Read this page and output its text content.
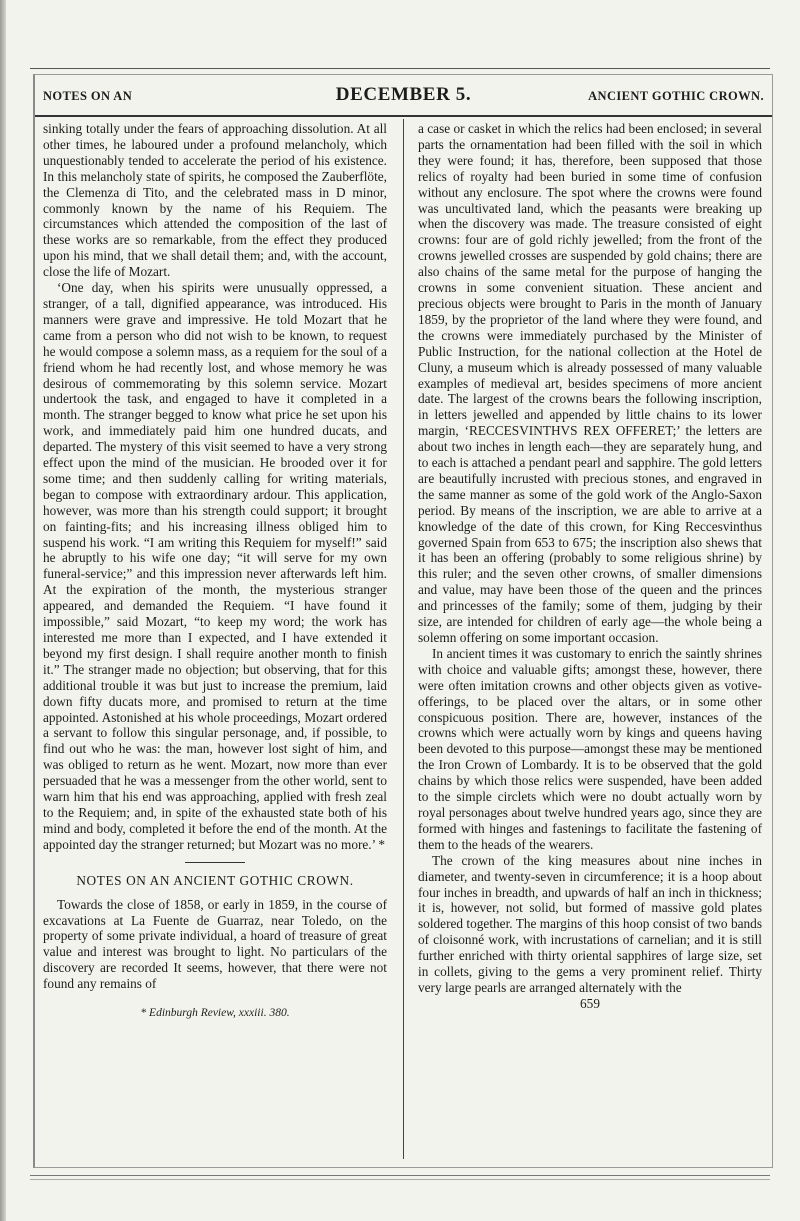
NOTES ON AN	DECEMBER 5.	ANCIENT GOTHIC CROWN.

sinking totally under the fears of approaching dissolution. At all other times, he laboured under a profound melancholy, which unquestionably tended to accelerate the period of his existence. In this melancholy state of spirits, he composed the Zauberflöte, the Clemenza di Tito, and the celebrated mass in D minor, commonly known by the name of his Requiem. The circumstances which attended the composition of the last of these works are so remarkable, from the effect they produced upon his mind, that we shall detail them; and, with the account, close the life of Mozart.

‘One day, when his spirits were unusually oppressed, a stranger, of a tall, dignified appearance, was introduced. His manners were grave and impressive. He told Mozart that he came from a person who did not wish to be known, to request he would compose a solemn mass, as a requiem for the soul of a friend whom he had recently lost, and whose memory he was desirous of commemorating by this solemn service. Mozart undertook the task, and engaged to have it completed in a month. The stranger begged to know what price he set upon his work, and immediately paid him one hundred ducats, and departed. The mystery of this visit seemed to have a very strong effect upon the mind of the musician. He brooded over it for some time; and then suddenly calling for writing materials, began to compose with extraordinary ardour. This application, however, was more than his strength could support; it brought on fainting-fits; and his increasing illness obliged him to suspend his work. “I am writing this Requiem for myself!” said he abruptly to his wife one day; “it will serve for my own funeral-service;” and this impression never afterwards left him. At the expiration of the month, the mysterious stranger appeared, and demanded the Requiem. “I have found it impossible,” said Mozart, “to keep my word; the work has interested me more than I expected, and I have extended it beyond my first design. I shall require another month to finish it.” The stranger made no objection; but observing, that for this additional trouble it was but just to increase the premium, laid down fifty ducats more, and promised to return at the time appointed. Astonished at his whole proceedings, Mozart ordered a servant to follow this singular personage, and, if possible, to find out who he was: the man, however lost sight of him, and was obliged to return as he went. Mozart, now more than ever persuaded that he was a messenger from the other world, sent to warn him that his end was approaching, applied with fresh zeal to the Requiem; and, in spite of the exhausted state both of his mind and body, completed it before the end of the month. At the appointed day the stranger returned; but Mozart was no more.’ *

NOTES ON AN ANCIENT GOTHIC CROWN.

Towards the close of 1858, or early in 1859, in the course of excavations at La Fuente de Guarraz, near Toledo, on the property of some private individual, a hoard of treasure of great value and interest was brought to light. No particulars of the discovery are recorded It seems, however, that there were not found any remains of

* Edinburgh Review, xxxiii. 380.

a case or casket in which the relics had been enclosed; in several parts the ornamentation had been filled with the soil in which they were found; it has, therefore, been supposed that those relics of royalty had been buried in some time of confusion without any enclosure. The spot where the crowns were found was uncultivated land, which the peasants were breaking up when the discovery was made. The treasure consisted of eight crowns: four are of gold richly jewelled; from the front of the crowns jewelled crosses are suspended by gold chains; there are also chains of the same metal for the purpose of hanging the crowns in some convenient situation. These ancient and precious objects were brought to Paris in the month of January 1859, by the proprietor of the land where they were found, and the crowns were immediately purchased by the Minister of Public Instruction, for the national collection at the Hotel de Cluny, a museum which is already possessed of many valuable examples of medieval art, besides specimens of more ancient date. The largest of the crowns bears the following inscription, in letters jewelled and appended by little chains to its lower margin, ‘RECCESVINTHVS REX OFFERET;’ the letters are about two inches in length each—they are separately hung, and to each is attached a pendant pearl and sapphire. The gold letters are beautifully incrusted with precious stones, and engraved in the same manner as some of the gold work of the Anglo-Saxon period. By means of the inscription, we are able to arrive at a knowledge of the date of this crown, for King Reccesvinthus governed Spain from 653 to 675; the inscription also shews that it has been an offering (probably to some religious shrine) by this ruler; and the seven other crowns, of smaller dimensions and value, may have been those of the queen and the princes and princesses of the family; some of them, judging by their size, are intended for children of early age—the whole being a solemn offering on some important occasion.

In ancient times it was customary to enrich the saintly shrines with choice and valuable gifts; amongst these, however, there were often imitation crowns and other objects given as votive-offerings, to be placed over the altars, or in some other conspicuous position. There are, however, instances of the crowns which were actually worn by kings and queens having been devoted to this purpose—amongst these may be mentioned the Iron Crown of Lombardy. It is to be observed that the gold chains by which those relics were suspended, have been added to the simple circlets which were no doubt actually worn by royal personages about twelve hundred years ago, since they are formed with hinges and fastenings to facilitate the fastening of them to the heads of the wearers.

The crown of the king measures about nine inches in diameter, and twenty-seven in circumference; it is a hoop about four inches in breadth, and upwards of half an inch in thickness; it is, however, not solid, but formed of massive gold plates soldered together. The margins of this hoop consist of two bands of cloisonné work, with incrustations of carnelian; and it is still further enriched with thirty oriental sapphires of large size, set in collets, giving to the gems a very prominent relief. Thirty very large pearls are arranged alternately with the

659
